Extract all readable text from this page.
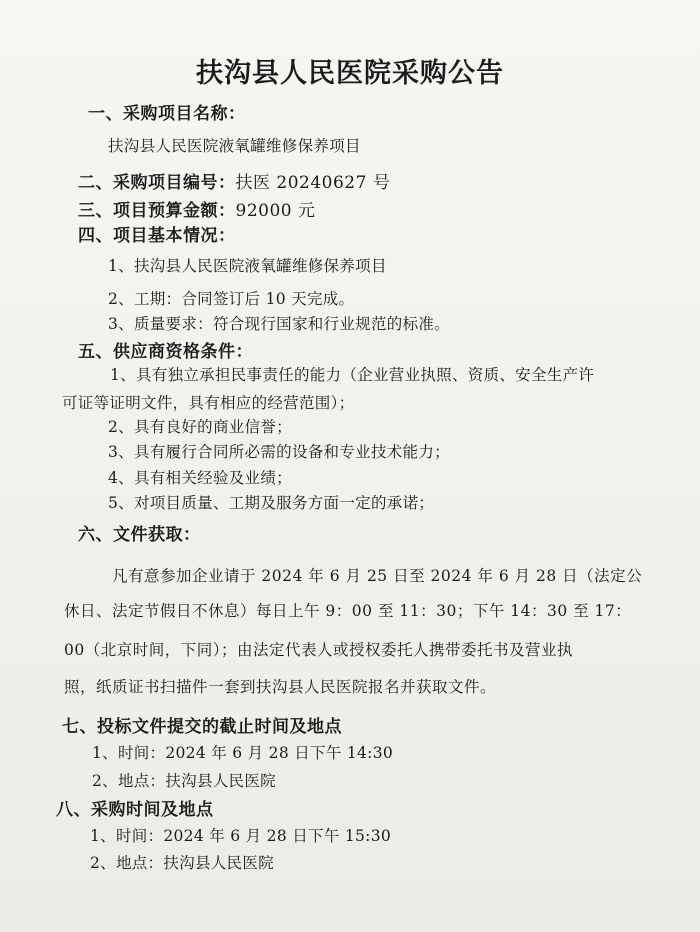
扶沟县人民医院采购公告
一、采购项目名称：
扶沟县人民医院液氧罐维修保养项目
二、采购项目编号：扶医 20240627 号
三、项目预算金额：92000 元
四、项目基本情况：
1、扶沟县人民医院液氧罐维修保养项目
2、工期：合同签订后 10 天完成。
3、质量要求：符合现行国家和行业规范的标准。
五、供应商资格条件：
1、具有独立承担民事责任的能力（企业营业执照、资质、安全生产许
可证等证明文件，具有相应的经营范围）；
2、具有良好的商业信誉；
3、具有履行合同所必需的设备和专业技术能力；
4、具有相关经验及业绩；
5、对项目质量、工期及服务方面一定的承诺；
六、文件获取：
凡有意参加企业请于 2024 年 6 月 25 日至 2024 年 6 月 28 日（法定公
休日、法定节假日不休息）每日上午 9：00 至 11：30；下午 14：30 至 17：
00（北京时间，下同）；由法定代表人或授权委托人携带委托书及营业执
照，纸质证书扫描件一套到扶沟县人民医院报名并获取文件。
七、投标文件提交的截止时间及地点
1、时间：2024 年 6 月 28 日下午 14:30
2、地点：扶沟县人民医院
八、采购时间及地点
1、时间：2024 年 6 月 28 日下午 15:30
2、地点：扶沟县人民医院
